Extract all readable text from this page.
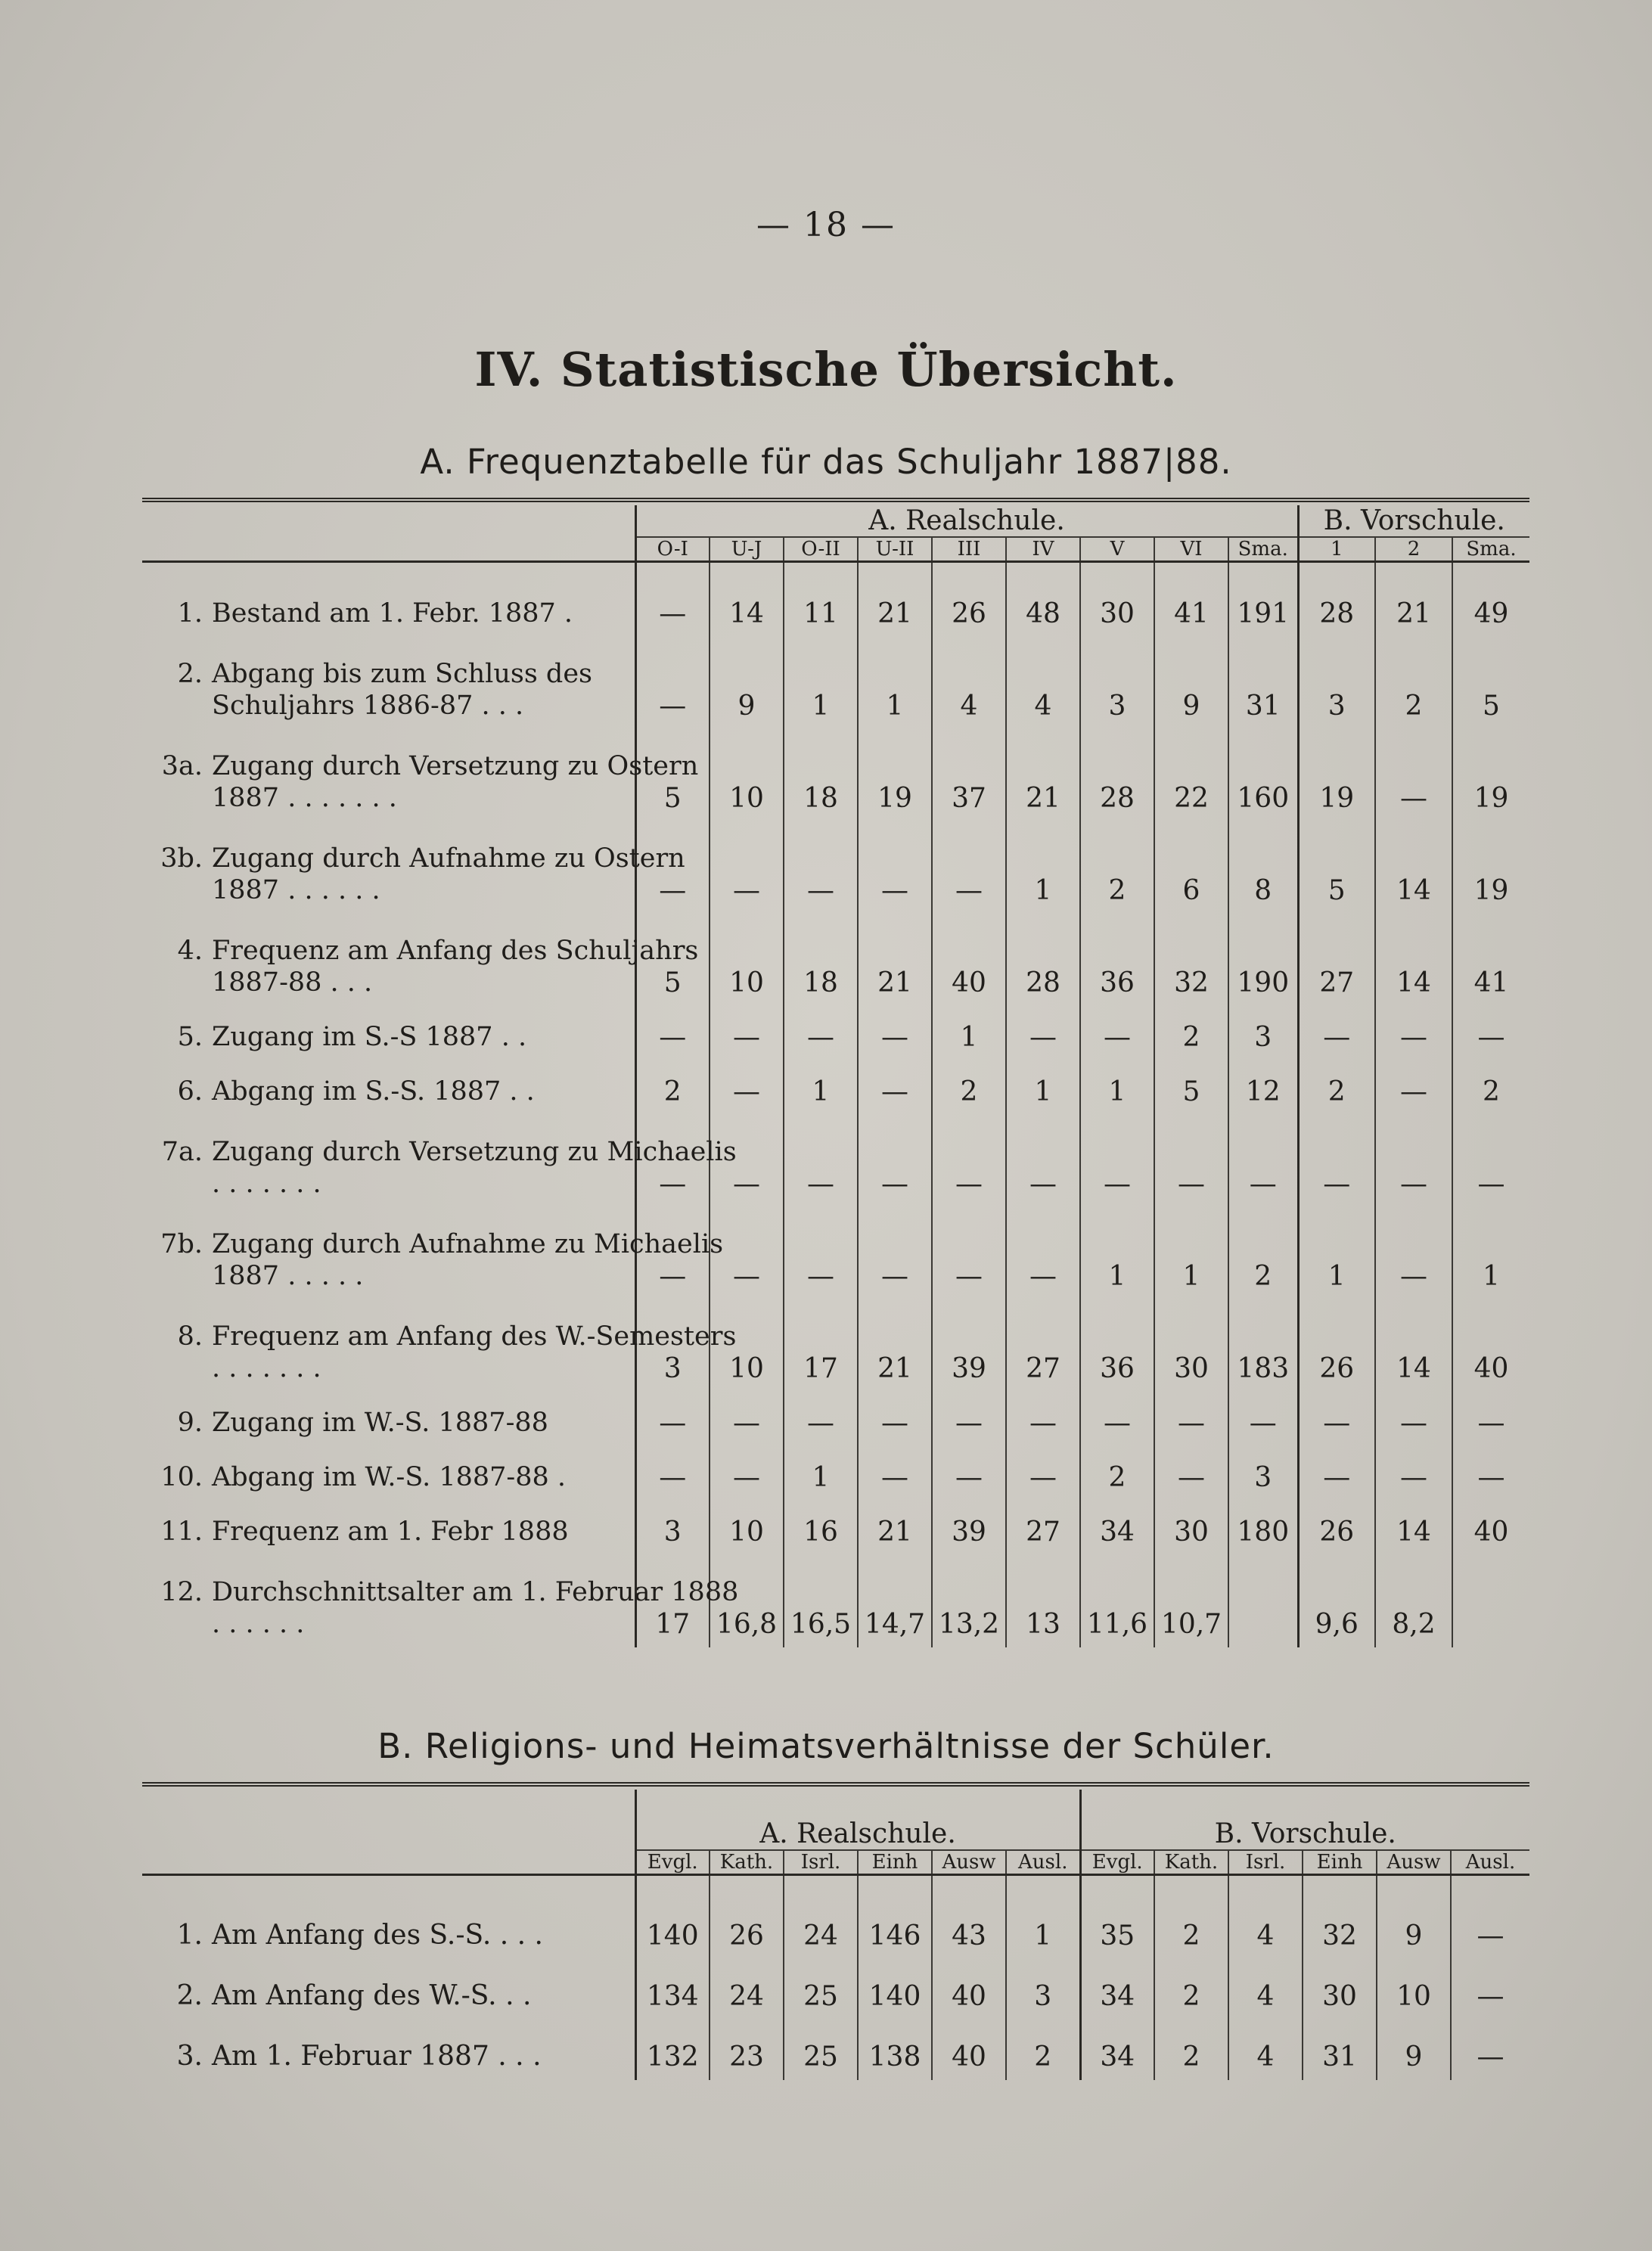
— 18 —
IV. Statistische Übersicht.
A. Frequenztabelle für das Schuljahr 1887|88.

	A. Realschule.									B. Vorschule.		
	O-I	U-J	O-II	U-II	III	IV	V	VI	Sma.	1	2	Sma.

1. Bestand am 1. Febr. 1887 .	—	14	11	21	26	48	30	41	191	28	21	49
2. Abgang bis zum Schluss des Schuljahrs 1886-87 . . .	—	9	1	1	4	4	3	9	31	3	2	5
3a. Zugang durch Versetzung zu Ostern 1887 . . . . . . .	5	10	18	19	37	21	28	22	160	19	—	19
3b. Zugang durch Aufnahme zu Ostern 1887 . . . . . .	—	—	—	—	—	1	2	6	8	5	14	19
4. Frequenz am Anfang des Schuljahrs 1887-88 . . .	5	10	18	21	40	28	36	32	190	27	14	41
5. Zugang im S.-S 1887 . .	—	—	—	—	1	—	—	2	3	—	—	—
6. Abgang im S.-S. 1887 . .	2	—	1	—	2	1	1	5	12	2	—	2
7a. Zugang durch Versetzung zu Michaelis . . . . . . .	—	—	—	—	—	—	—	—	—	—	—	—
7b. Zugang durch Aufnahme zu Michaelis 1887 . . . . .	—	—	—	—	—	—	1	1	2	1	—	1
8. Frequenz am Anfang des W.-Semesters . . . . . . .	3	10	17	21	39	27	36	30	183	26	14	40
9. Zugang im W.-S. 1887-88	—	—	—	—	—	—	—	—	—	—	—	—
10. Abgang im W.-S. 1887-88 .	—	—	1	—	—	—	2	—	3	—	—	—
11. Frequenz am 1. Febr 1888	3	10	16	21	39	27	34	30	180	26	14	40
12. Durchschnittsalter am 1. Februar 1888 . . . . . .	17	16,8	16,5	14,7	13,2	13	11,6	10,7		9,6	8,2	
B. Religions- und Heimatsverhältnisse der Schüler.

	A. Realschule.						B. Vorschule.					
	Evgl.	Kath.	Isrl.	Einh	Ausw	Ausl.	Evgl.	Kath.	Isrl.	Einh	Ausw	Ausl.

1. Am Anfang des S.-S. . . .	140	26	24	146	43	1	35	2	4	32	9	—
2. Am Anfang des W.-S. . .	134	24	25	140	40	3	34	2	4	30	10	—
3. Am 1. Februar 1887 . . .	132	23	25	138	40	2	34	2	4	31	9	—
